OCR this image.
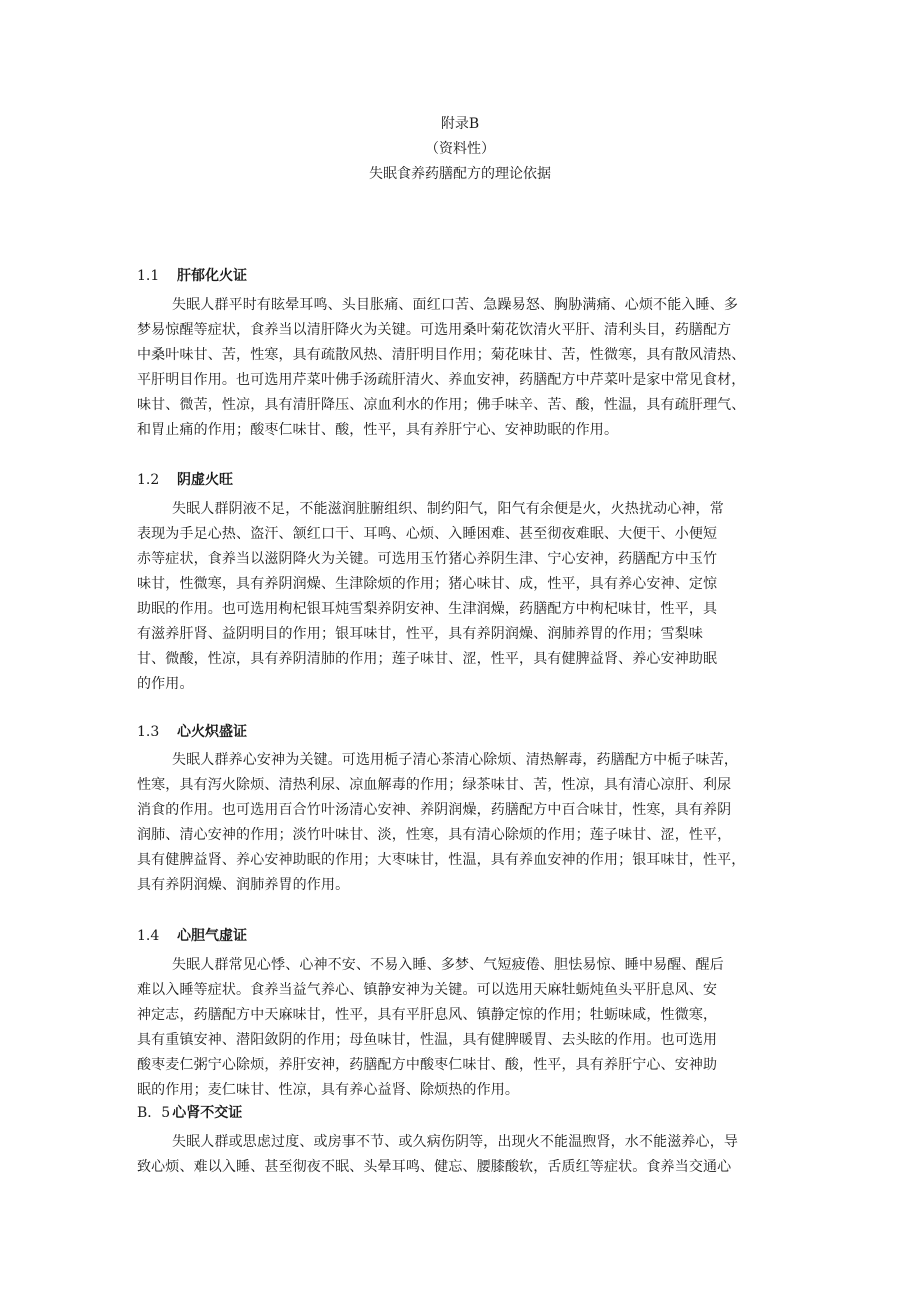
附录B
（资料性）
失眠食养药膳配方的理论依据
1.1 肝郁化火证
失眠人群平时有眩晕耳鸣、头目胀痛、面红口苦、急躁易怒、胸胁满痛、心烦不能入睡、多
梦易惊醒等症状，食养当以清肝降火为关键。可选用桑叶菊花饮清火平肝、清利头目，药膳配方
中桑叶味甘、苦，性寒，具有疏散风热、清肝明目作用；菊花味甘、苦，性微寒，具有散风清热、
平肝明目作用。也可选用芹菜叶佛手汤疏肝清火、养血安神，药膳配方中芹菜叶是家中常见食材，
味甘、微苦，性凉，具有清肝降压、凉血利水的作用；佛手味辛、苦、酸，性温，具有疏肝理气、
和胃止痛的作用；酸枣仁味甘、酸，性平，具有养肝宁心、安神助眠的作用。
1.2 阴虚火旺
失眠人群阴液不足，不能滋润脏腑组织、制约阳气，阳气有余便是火，火热扰动心神，常
表现为手足心热、盗汗、颔红口干、耳鸣、心烦、入睡困难、甚至彻夜难眠、大便干、小便短
赤等症状，食养当以滋阴降火为关键。可选用玉竹猪心养阴生津、宁心安神，药膳配方中玉竹
味甘，性微寒，具有养阴润燥、生津除烦的作用；猪心味甘、成，性平，具有养心安神、定惊
助眠的作用。也可选用枸杞银耳炖雪梨养阴安神、生津润燥，药膳配方中枸杞味甘，性平，具
有滋养肝肾、益阴明目的作用；银耳味甘，性平，具有养阴润燥、润肺养胃的作用；雪梨味
甘、微酸，性凉，具有养阴清肺的作用；莲子味甘、涩，性平，具有健脾益肾、养心安神助眠
的作用。
1.3 心火炽盛证
失眠人群养心安神为关键。可选用栀子清心茶清心除烦、清热解毒，药膳配方中栀子味苦，
性寒，具有泻火除烦、清热利尿、凉血解毒的作用；绿茶味甘、苦，性凉，具有清心凉肝、利尿
消食的作用。也可选用百合竹叶汤清心安神、养阴润燥，药膳配方中百合味甘，性寒，具有养阴
润肺、清心安神的作用；淡竹叶味甘、淡，性寒，具有清心除烦的作用；莲子味甘、涩，性平，
具有健脾益肾、养心安神助眠的作用；大枣味甘，性温，具有养血安神的作用；银耳味甘，性平，
具有养阴润燥、润肺养胃的作用。
1.4 心胆气虚证
失眠人群常见心悸、心神不安、不易入睡、多梦、气短疲倦、胆怯易惊、睡中易醒、醒后
难以入睡等症状。食养当益气养心、镇静安神为关键。可以选用天麻牡蛎炖鱼头平肝息风、安
神定志，药膳配方中天麻味甘，性平，具有平肝息风、镇静定惊的作用；牡蛎味咸，性微寒，
具有重镇安神、潜阳敛阴的作用；母鱼味甘，性温，具有健脾暖胃、去头眩的作用。也可选用
酸枣麦仁粥宁心除烦，养肝安神，药膳配方中酸枣仁味甘、酸，性平，具有养肝宁心、安神助
眠的作用；麦仁味甘、性凉，具有养心益肾、除烦热的作用。
B．5 心肾不交证
失眠人群或思虑过度、或房事不节、或久病伤阴等，出现火不能温煦肾，水不能滋养心，导
致心烦、难以入睡、甚至彻夜不眠、头晕耳鸣、健忘、腰膝酸软，舌质红等症状。食养当交通心
